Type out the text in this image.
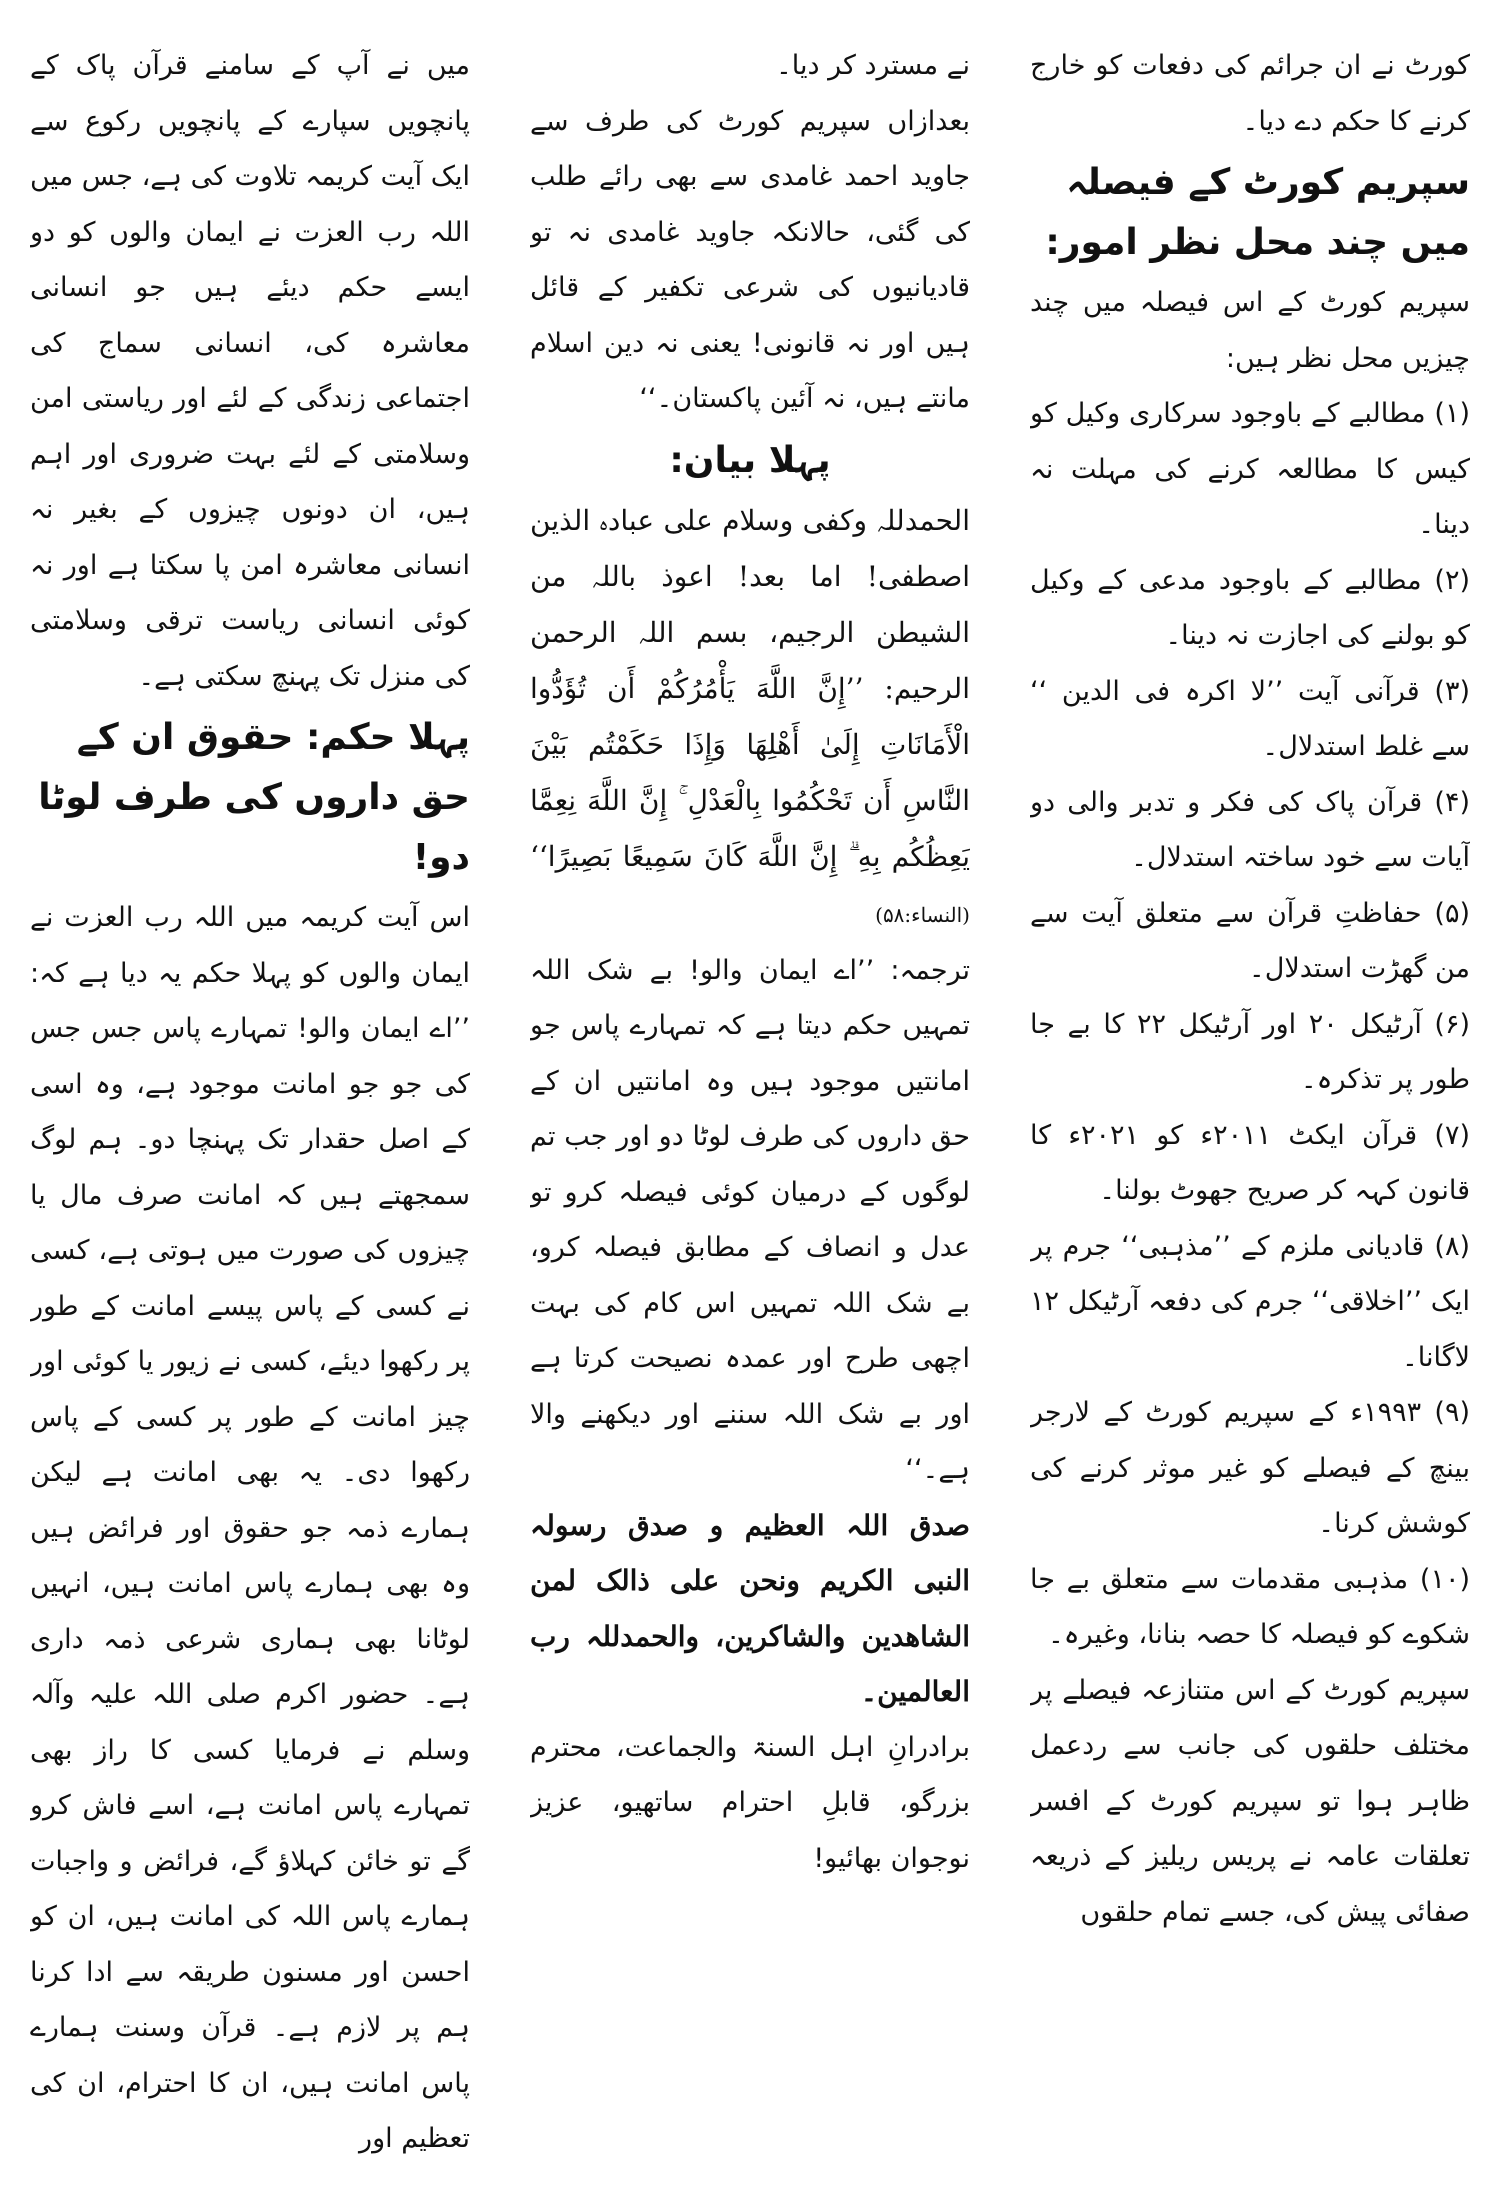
کورٹ نے ان جرائم کی دفعات کو خارج کرنے کا حکم دے دیا۔

سپریم کورٹ کے فیصلہ میں چند محل نظر امور:

سپریم کورٹ کے اس فیصلہ میں چند چیزیں محل نظر ہیں:

(۱) مطالبے کے باوجود سرکاری وکیل کو کیس کا مطالعہ کرنے کی مہلت نہ دینا۔

(۲) مطالبے کے باوجود مدعی کے وکیل کو بولنے کی اجازت نہ دینا۔

(۳) قرآنی آیت ’’لا اکرہ فی الدین ‘‘ سے غلط استدلال۔

(۴) قرآن پاک کی فکر و تدبر والی دو آیات سے خود ساختہ استدلال۔

(۵) حفاظتِ قرآن سے متعلق آیت سے من گھڑت استدلال۔

(۶) آرٹیکل ۲۰ اور آرٹیکل ۲۲ کا بے جا طور پر تذکرہ۔

(۷) قرآن ایکٹ ۲۰۱۱ء کو ۲۰۲۱ء کا قانون کہہ کر صریح جھوٹ بولنا۔

(۸) قادیانی ملزم کے ’’مذہبی‘‘ جرم پر ایک ’’اخلاقی‘‘ جرم کی دفعہ آرٹیکل ۱۲ لاگانا۔

(۹) ۱۹۹۳ء کے سپریم کورٹ کے لارجر بینچ کے فیصلے کو غیر موثر کرنے کی کوشش کرنا۔

(۱۰) مذہبی مقدمات سے متعلق بے جا شکوے کو فیصلہ کا حصہ بنانا، وغیرہ۔

سپریم کورٹ کے اس متنازعہ فیصلے پر مختلف حلقوں کی جانب سے ردعمل ظاہر ہوا تو سپریم کورٹ کے افسر تعلقات عامہ نے پریس ریلیز کے ذریعہ صفائی پیش کی، جسے تمام حلقوں

نے مسترد کر دیا۔

بعدازاں سپریم کورٹ کی طرف سے جاوید احمد غامدی سے بھی رائے طلب کی گئی، حالانکہ جاوید غامدی نہ تو قادیانیوں کی شرعی تکفیر کے قائل ہیں اور نہ قانونی! یعنی نہ دین اسلام مانتے ہیں، نہ آئین پاکستان۔‘‘

پہلا بیان:

الحمدللہ وکفی وسلام علی عبادہ الذین اصطفی! اما بعد! اعوذ باللہ من الشیطن الرجیم، بسم اللہ الرحمن الرحیم: ’’إِنَّ اللَّهَ يَأْمُرُكُمْ أَن تُؤَدُّوا الْأَمَانَاتِ إِلَىٰ أَهْلِهَا وَإِذَا حَكَمْتُم بَيْنَ النَّاسِ أَن تَحْكُمُوا بِالْعَدْلِ ۚ إِنَّ اللَّهَ نِعِمَّا يَعِظُكُم بِهِ ۗ إِنَّ اللَّهَ كَانَ سَمِيعًا بَصِيرًا‘‘ (النساء:۵۸)

ترجمہ: ’’اے ایمان والو! بے شک اللہ تمہیں حکم دیتا ہے کہ تمہارے پاس جو امانتیں موجود ہیں وہ امانتیں ان کے حق داروں کی طرف لوٹا دو اور جب تم لوگوں کے درمیان کوئی فیصلہ کرو تو عدل و انصاف کے مطابق فیصلہ کرو، بے شک اللہ تمہیں اس کام کی بہت اچھی طرح اور عمدہ نصیحت کرتا ہے اور بے شک اللہ سننے اور دیکھنے والا ہے۔‘‘

صدق اللہ العظیم و صدق رسولہ النبی الکریم ونحن علی ذالک لمن الشاھدین والشاکرین، والحمدللہ رب العالمین۔

برادرانِ اہل السنۃ والجماعت، محترم بزرگو، قابلِ احترام ساتھیو، عزیز نوجوان بھائیو!

میں نے آپ کے سامنے قرآن پاک کے پانچویں سپارے کے پانچویں رکوع سے ایک آیت کریمہ تلاوت کی ہے، جس میں اللہ رب العزت نے ایمان والوں کو دو ایسے حکم دیئے ہیں جو انسانی معاشرہ کی، انسانی سماج کی اجتماعی زندگی کے لئے اور ریاستی امن وسلامتی کے لئے بہت ضروری اور اہم ہیں، ان دونوں چیزوں کے بغیر نہ انسانی معاشرہ امن پا سکتا ہے اور نہ کوئی انسانی ریاست ترقی وسلامتی کی منزل تک پہنچ سکتی ہے۔

پہلا حکم: حقوق ان کے حق داروں کی طرف لوٹا دو!

اس آیت کریمہ میں اللہ رب العزت نے ایمان والوں کو پہلا حکم یہ دیا ہے کہ: ’’اے ایمان والو! تمہارے پاس جس جس کی جو جو امانت موجود ہے، وہ اسی کے اصل حقدار تک پہنچا دو۔ ہم لوگ سمجھتے ہیں کہ امانت صرف مال یا چیزوں کی صورت میں ہوتی ہے، کسی نے کسی کے پاس پیسے امانت کے طور پر رکھوا دیئے، کسی نے زیور یا کوئی اور چیز امانت کے طور پر کسی کے پاس رکھوا دی۔ یہ بھی امانت ہے لیکن ہمارے ذمہ جو حقوق اور فرائض ہیں وہ بھی ہمارے پاس امانت ہیں، انہیں لوٹانا بھی ہماری شرعی ذمہ داری ہے۔ حضور اکرم صلی اللہ علیہ وآلہ وسلم نے فرمایا کسی کا راز بھی تمہارے پاس امانت ہے، اسے فاش کرو گے تو خائن کہلاؤ گے، فرائض و واجبات ہمارے پاس اللہ کی امانت ہیں، ان کو احسن اور مسنون طریقہ سے ادا کرنا ہم پر لازم ہے۔ قرآن وسنت ہمارے پاس امانت ہیں، ان کا احترام، ان کی تعظیم اور
